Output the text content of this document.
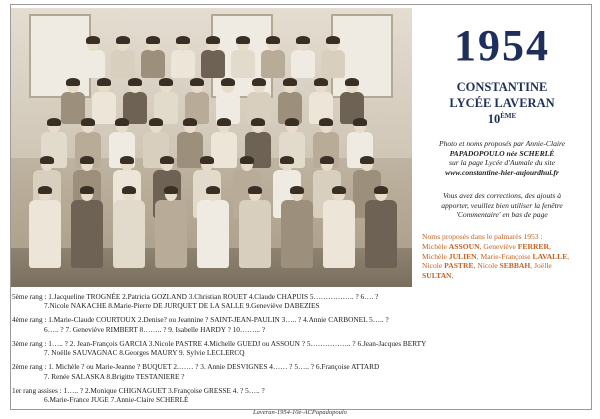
1954
CONSTANTINE
LYCÉE LAVERAN
10ÈME
Photo et noms proposés par Annie-Claire
PAPADOPOULO née SCHERLÉ
sur la page Lycée d'Aumale du site
www.constantine-hier-aujourdhui.fr
Vous avez des corrections, des ajouts à
apporter, veuillez bien utiliser la fenêtre
'Commentaire' en bas de page
Noms proposés dans le palmarès 1953 :
Michèle ASSOUN, Geneviève FERRER,
Michèle JULIEN, Marie-Françoise LAVALLE,
Nicole PASTRE, Nicole SEBBAH, Joëlle
SULTAN,
5ème rang : 1.Jacqueline TROGNÉE 2.Patricia GOZLAND 3.Christian ROUET 4.Claude CHAPUIS 5…………….. ? 6…. ?
7.Nicole NAKACHE 8.Marie-Pierre DE JURQUET DE LA SALLE 9.Geneviève DABEZIES
4ème rang : 1.Marie-Claude COURTOUX 2.Denise? ou Jeannine ? SAINT-JEAN-PAULIN 3….. ? 4.Annie CARBONEL 5….. ?
6….. ? 7. Geneviève RIMBERT 8…….. ? 9. Isabelle HARDY ? 10……... ?
3ème rang : 1….. ? 2. Jean-François GARCIA 3.Nicole PASTRE 4.Michelle GUEDJ ou ASSOUN ? 5…………….. ? 6.Jean-Jacques BERTY
7. Noëlle SAUVAGNAC 8.Georges MAURY 9. Sylvie LECLERCQ
2ème rang : 1. Michèle ? ou Marie-Jeanne ? BUQUET 2.…… ? 3. Annie DESVIGNES 4…… ? 5….. ? 6.Françoise ATTARD
7. Renée SALASKA 8.Brigitte TESTANIERE ?
1er rang assises : 1….. ? 2.Monique CHIGNAGUET 3.Françoise GRESSE 4. ? 5….. ?
6.Marie-France JUGE 7.Annie-Claire SCHERLÉ
Laveran-1954-10è-ACPapadopoulo
